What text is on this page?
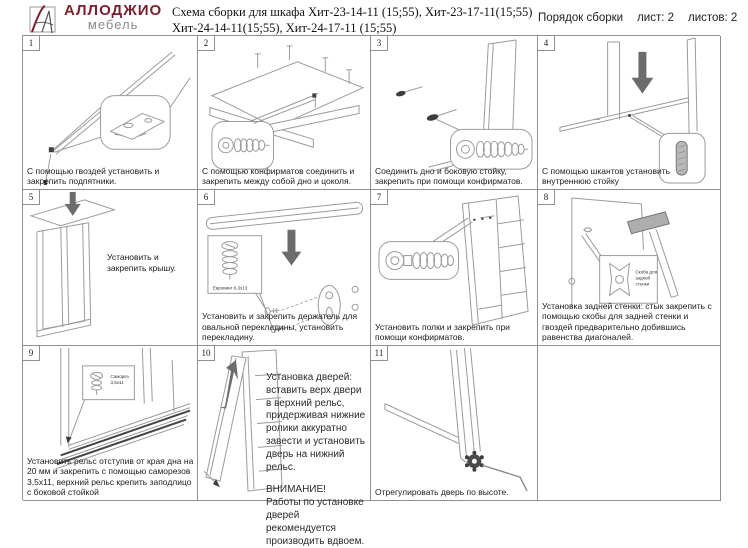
АЛЛОДЖИО
мебель
Схема сборки для шкафа Хит-23-14-11 (15;55), Хит-23-17-11(15;55)
Хит-24-14-11(15;55), Хит-24-17-11 (15;55)
Порядок сборки лист: 2 листов: 2
1
С помощью гвоздей установить и закрепить подпятники.
2
С помощью конфирматов соединить и закрепить между собой дно и цоколя.
3
Соединить дно и боковую стойку, закрепить при помощи конфирматов.
4
С помощью шкантов установить внутреннюю стойку
5
Установить и закрепить крышу.
6
Евровинт 6,3х13
Установить и закрепить держатель для овальной перекладины, установить перекладину.
7
Установить полки и закрепить при помощи конфирматов.
8
Скоба для
задней
стенки
Установка задней стенки: стык закрепить с помощью скобы для задней стенки и гвоздей предварительно добившись равенства диагоналей.
9
Саморез
3,5х11
Установить рельс отступив от края дна на 20 мм и закрепить с помощью саморезов 3,5х11, верхний рельс крепить заподлицо с боковой стойкой
10
Установка дверей:
вставить верх двери в верхний рельс, придерживая нижние ролики аккуратно завести и установить дверь на нижний рельс.
ВНИМАНИЕ!
Работы по установке дверей рекомендуется производить вдвоем.
11
Отрегулировать дверь по высоте.
